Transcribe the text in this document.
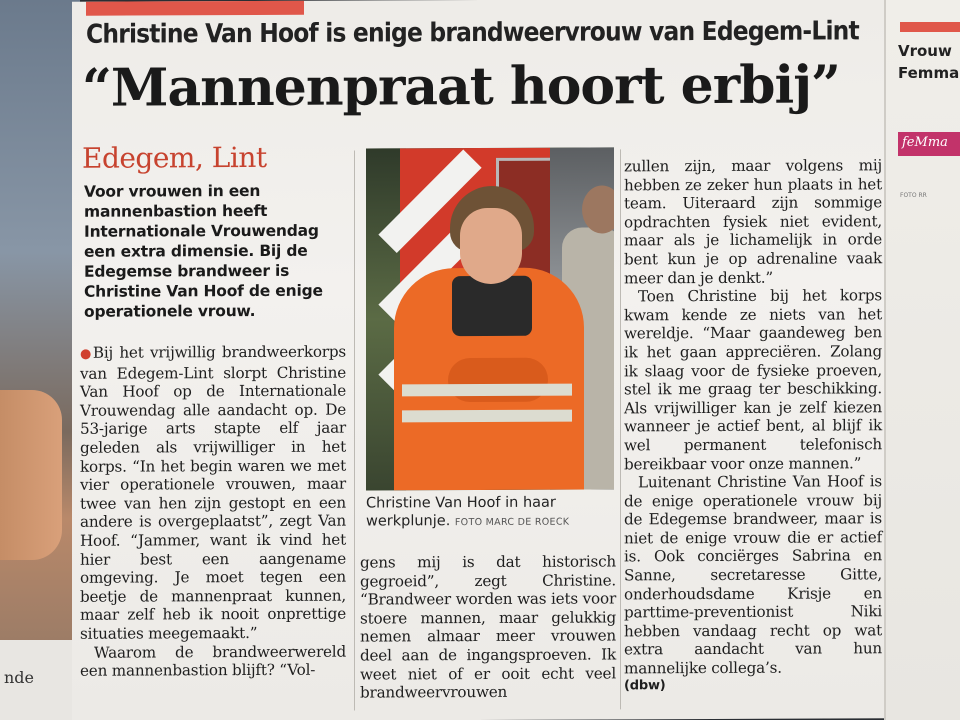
nde
Christine Van Hoof is enige brandweervrouw van Edegem-Lint
“Mannenpraat hoort erbij”
Edegem, Lint
Voor vrouwen in een mannenbastion heeft Internationale Vrouwendag een extra dimensie. Bij de Edegemse brandweer is Christine Van Hoof de enige operationele vrouw.

●Bij het vrijwillig brandweerkorps van Edegem-Lint slorpt Christine Van Hoof op de Internationale Vrouwendag alle aandacht op. De 53-jarige arts stapte elf jaar geleden als vrijwilliger in het korps. “In het begin waren we met vier operationele vrouwen, maar twee van hen zijn gestopt en een andere is overgeplaatst”, zegt Van Hoof. “Jammer, want ik vind het hier best een aangename omgeving. Je moet tegen een beetje de mannenpraat kunnen, maar zelf heb ik nooit onprettige situaties meegemaakt.”

Waarom de brandweerwereld een mannenbastion blijft? “Vol-

Christine Van Hoof in haar werkplunje. FOTO MARC DE ROECK

gens mij is dat historisch gegroeid”, zegt Christine. “Brandweer worden was iets voor stoere mannen, maar gelukkig nemen almaar meer vrouwen deel aan de ingangsproeven. Ik weet niet of er ooit echt veel brandweervrouwen

zullen zijn, maar volgens mij hebben ze zeker hun plaats in het team. Uiteraard zijn sommige opdrachten fysiek niet evident, maar als je lichamelijk in orde bent kun je op adrenaline vaak meer dan je denkt.”

Toen Christine bij het korps kwam kende ze niets van het wereldje. “Maar gaandeweg ben ik het gaan appreciëren. Zolang ik slaag voor de fysieke proeven, stel ik me graag ter beschikking. Als vrijwilliger kan je zelf kiezen wanneer je actief bent, al blijf ik wel permanent telefonisch bereikbaar voor onze mannen.”

Luitenant Christine Van Hoof is de enige operationele vrouw bij de Edegemse brandweer, maar is niet de enige vrouw die er actief is. Ook conciërges Sabrina en Sanne, secretaresse Gitte, onderhoudsdame Krisje en parttime-preventionist Niki hebben vandaag recht op wat extra aandacht van hun mannelijke collega’s.

(dbw)

Vrouw
Femma
feMma
FOTO RR
